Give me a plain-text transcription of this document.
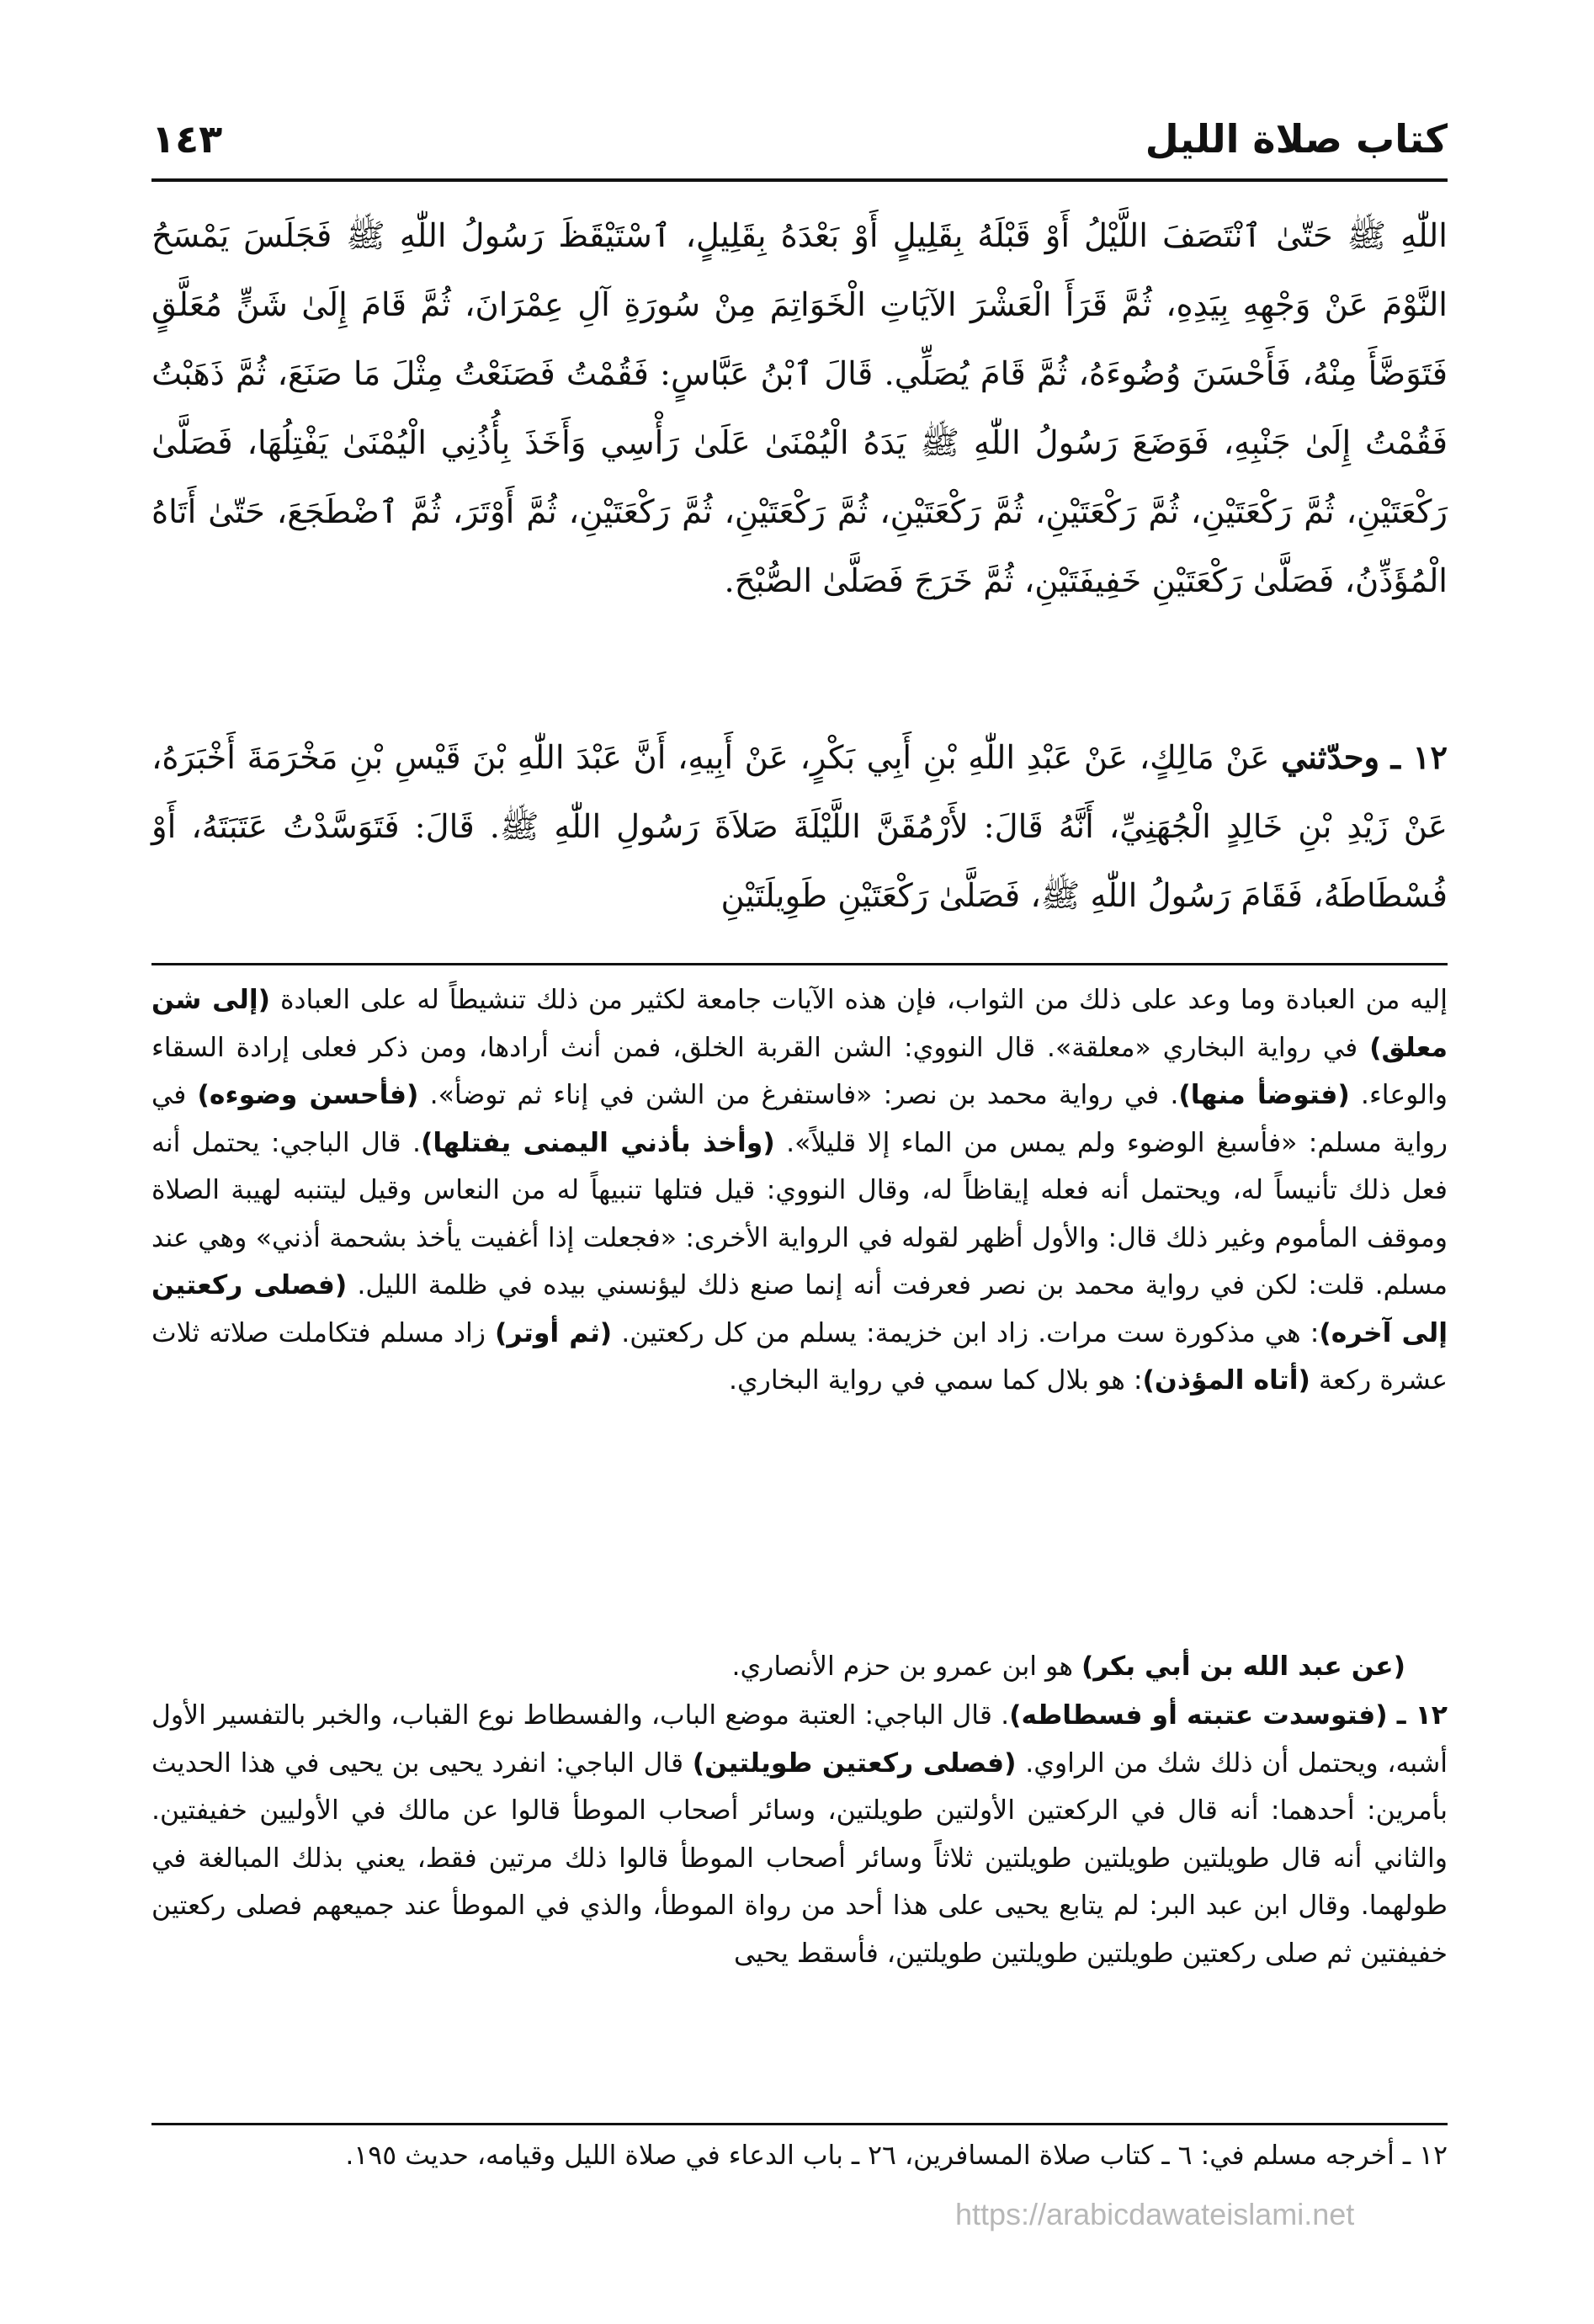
كتاب صلاة الليل
١٤٣
اللّٰهِ ﷺ حَتّىٰ ٱنْتَصَفَ اللَّيْلُ أَوْ قَبْلَهُ بِقَلِيلٍ أَوْ بَعْدَهُ بِقَلِيلٍ، ٱسْتَيْقَظَ رَسُولُ اللّٰهِ ﷺ فَجَلَسَ يَمْسَحُ النَّوْمَ عَنْ وَجْهِهِ بِيَدِهِ، ثُمَّ قَرَأَ الْعَشْرَ الآيَاتِ الْخَوَاتِمَ مِنْ سُورَةِ آلِ عِمْرَانَ، ثُمَّ قَامَ إِلَىٰ شَنٍّ مُعَلَّقٍ فَتَوَضَّأَ مِنْهُ، فَأَحْسَنَ وُضُوءَهُ، ثُمَّ قَامَ يُصَلِّي. قَالَ ٱبْنُ عَبَّاسٍ: فَقُمْتُ فَصَنَعْتُ مِثْلَ مَا صَنَعَ، ثُمَّ ذَهَبْتُ فَقُمْتُ إِلَىٰ جَنْبِهِ، فَوَضَعَ رَسُولُ اللّٰهِ ﷺ يَدَهُ الْيُمْنَىٰ عَلَىٰ رَأْسِي وَأَخَذَ بِأُذُنِي الْيُمْنَىٰ يَفْتِلُهَا، فَصَلَّىٰ رَكْعَتَيْنِ، ثُمَّ رَكْعَتَيْنِ، ثُمَّ رَكْعَتَيْنِ، ثُمَّ رَكْعَتَيْنِ، ثُمَّ رَكْعَتَيْنِ، ثُمَّ رَكْعَتَيْنِ، ثُمَّ أَوْتَرَ، ثُمَّ ٱضْطَجَعَ، حَتّىٰ أَتَاهُ الْمُؤَذِّنُ، فَصَلَّىٰ رَكْعَتَيْنِ خَفِيفَتَيْنِ، ثُمَّ خَرَجَ فَصَلَّىٰ الصُّبْحَ.
١٢ ـ وحدّثني عَنْ مَالِكٍ، عَنْ عَبْدِ اللّٰهِ بْنِ أَبِي بَكْرٍ، عَنْ أَبِيهِ، أَنَّ عَبْدَ اللّٰهِ بْنَ قَيْسِ بْنِ مَخْرَمَةَ أَخْبَرَهُ، عَنْ زَيْدِ بْنِ خَالِدٍ الْجُهَنِيِّ، أَنَّهُ قَالَ: لأَرْمُقَنَّ اللَّيْلَةَ صَلاَةَ رَسُولِ اللّٰهِ ﷺ. قَالَ: فَتَوَسَّدْتُ عَتَبَتَهُ، أَوْ فُسْطَاطَهُ، فَقَامَ رَسُولُ اللّٰهِ ﷺ، فَصَلَّىٰ رَكْعَتَيْنِ طَوِيلَتَيْنِ
إليه من العبادة وما وعد على ذلك من الثواب، فإن هذه الآيات جامعة لكثير من ذلك تنشيطاً له على العبادة (إلى شن معلق) في رواية البخاري «معلقة». قال النووي: الشن القربة الخلق، فمن أنث أرادها، ومن ذكر فعلى إرادة السقاء والوعاء. (فتوضأ منها). في رواية محمد بن نصر: «فاستفرغ من الشن في إناء ثم توضأ». (فأحسن وضوءه) في رواية مسلم: «فأسبغ الوضوء ولم يمس من الماء إلا قليلاً». (وأخذ بأذني اليمنى يفتلها). قال الباجي: يحتمل أنه فعل ذلك تأنيساً له، ويحتمل أنه فعله إيقاظاً له، وقال النووي: قيل فتلها تنبيهاً له من النعاس وقيل ليتنبه لهيبة الصلاة وموقف المأموم وغير ذلك قال: والأول أظهر لقوله في الرواية الأخرى: «فجعلت إذا أغفيت يأخذ بشحمة أذني» وهي عند مسلم. قلت: لكن في رواية محمد بن نصر فعرفت أنه إنما صنع ذلك ليؤنسني بيده في ظلمة الليل. (فصلى ركعتين إلى آخره): هي مذكورة ست مرات. زاد ابن خزيمة: يسلم من كل ركعتين. (ثم أوتر) زاد مسلم فتكاملت صلاته ثلاث عشرة ركعة (أتاه المؤذن): هو بلال كما سمي في رواية البخاري.
(عن عبد الله بن أبي بكر) هو ابن عمرو بن حزم الأنصاري.
١٢ ـ (فتوسدت عتبته أو فسطاطه). قال الباجي: العتبة موضع الباب، والفسطاط نوع القباب، والخبر بالتفسير الأول أشبه، ويحتمل أن ذلك شك من الراوي. (فصلى ركعتين طويلتين) قال الباجي: انفرد يحيى بن يحيى في هذا الحديث بأمرين: أحدهما: أنه قال في الركعتين الأولتين طويلتين، وسائر أصحاب الموطأ قالوا عن مالك في الأوليين خفيفتين. والثاني أنه قال طويلتين طويلتين طويلتين ثلاثاً وسائر أصحاب الموطأ قالوا ذلك مرتين فقط، يعني بذلك المبالغة في طولهما. وقال ابن عبد البر: لم يتابع يحيى على هذا أحد من رواة الموطأ، والذي في الموطأ عند جميعهم فصلى ركعتين خفيفتين ثم صلى ركعتين طويلتين طويلتين طويلتين، فأسقط يحيى
١٢ ـ أخرجه مسلم في: ٦ ـ كتاب صلاة المسافرين، ٢٦ ـ باب الدعاء في صلاة الليل وقيامه، حديث ١٩٥.
https://arabicdawateislami.net
